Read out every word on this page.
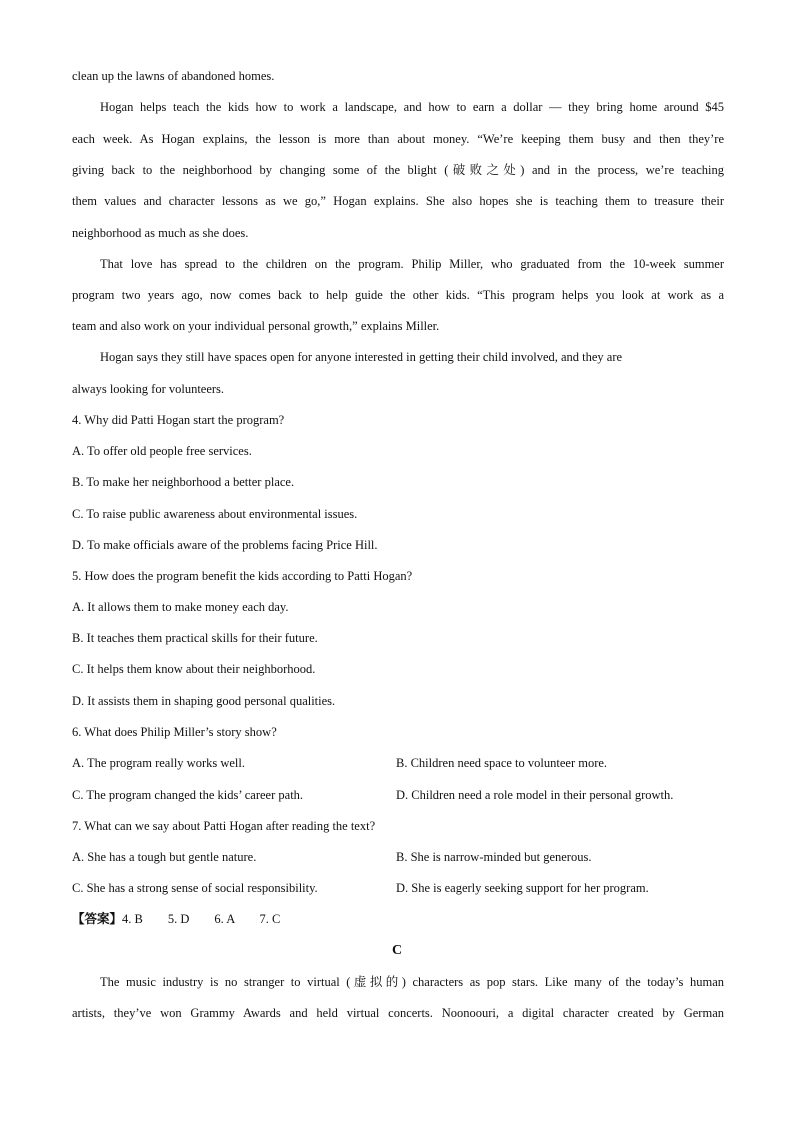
clean up the lawns of abandoned homes.
Hogan helps teach the kids how to work a landscape, and how to earn a dollar — they bring home around $45
each week. As Hogan explains, the lesson is more than about money. “We’re keeping them busy and then they’re
giving back to the neighborhood by changing some of the blight (破败之处) and in the process, we’re teaching
them values and character lessons as we go,” Hogan explains. She also hopes she is teaching them to treasure their
neighborhood as much as she does.
That love has spread to the children on the program. Philip Miller, who graduated from the 10-week summer
program two years ago, now comes back to help guide the other kids. “This program helps you look at work as a
team and also work on your individual personal growth,” explains Miller.
Hogan says they still have spaces open for anyone interested in getting their child involved, and they are
always looking for volunteers.
4. Why did Patti Hogan start the program?
A. To offer old people free services.
B. To make her neighborhood a better place.
C. To raise public awareness about environmental issues.
D. To make officials aware of the problems facing Price Hill.
5. How does the program benefit the kids according to Patti Hogan?
A. It allows them to make money each day.
B. It teaches them practical skills for their future.
C. It helps them know about their neighborhood.
D. It assists them in shaping good personal qualities.
6. What does Philip Miller’s story show?
A. The program really works well.	B. Children need space to volunteer more.
C. The program changed the kids’ career path.	D. Children need a role model in their personal growth.
7. What can we say about Patti Hogan after reading the text?
A. She has a tough but gentle nature.	B. She is narrow-minded but generous.
C. She has a strong sense of social responsibility.	D. She is eagerly seeking support for her program.
【答案】4. B        5. D        6. A        7. C
C
The music industry is no stranger to virtual (虚拟的) characters as pop stars. Like many of the today’s human
artists, they’ve won Grammy Awards and held virtual concerts. Noonoouri, a digital character created by German
